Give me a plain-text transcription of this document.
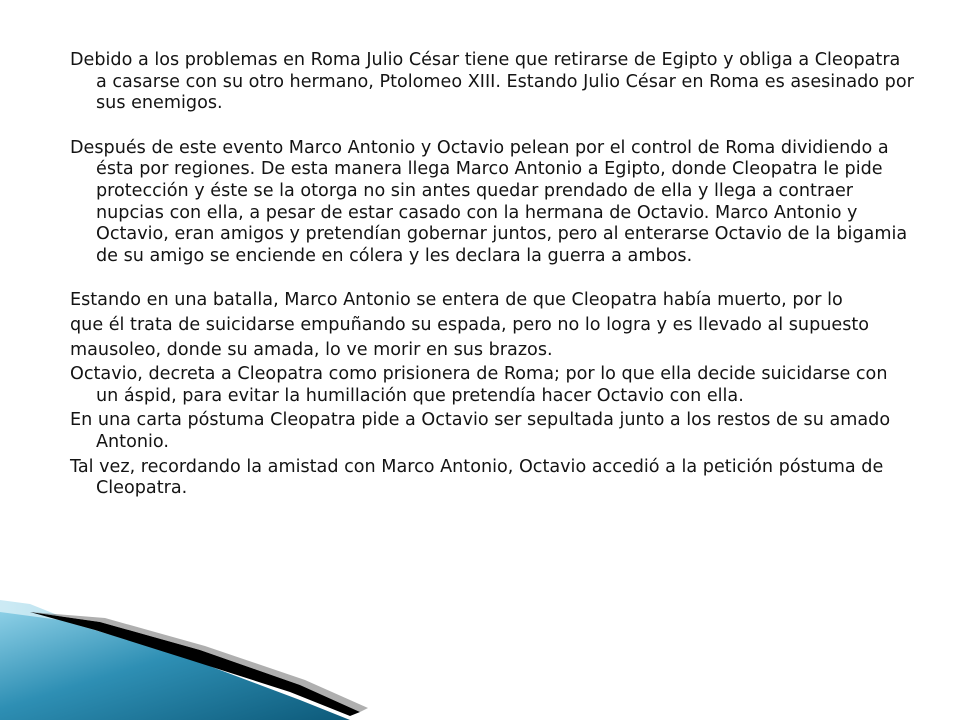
Debido a los problemas en Roma Julio César tiene que retirarse de Egipto y obliga a Cleopatra a casarse con su otro hermano, Ptolomeo XIII. Estando Julio César en Roma es asesinado por sus enemigos.

Después de este evento Marco Antonio y Octavio pelean por el control de Roma dividiendo a ésta por regiones. De esta manera llega Marco Antonio a Egipto, donde Cleopatra le pide protección y éste se la otorga no sin antes quedar prendado de ella y llega a contraer nupcias con ella, a pesar de estar casado con la hermana de Octavio. Marco Antonio y Octavio, eran amigos y pretendían gobernar juntos, pero al enterarse Octavio de la bigamia de su amigo se enciende en cólera y les declara la guerra a ambos.

Estando en una batalla, Marco Antonio se entera de que Cleopatra había muerto, por lo

que él trata de suicidarse empuñando su espada, pero no lo logra y es llevado al supuesto

mausoleo, donde su amada, lo ve morir en sus brazos.

Octavio, decreta a Cleopatra como prisionera de Roma; por lo que ella decide suicidarse con un áspid, para evitar la humillación que pretendía hacer Octavio con ella.

En una carta póstuma Cleopatra pide a Octavio ser sepultada junto a los restos de su amado Antonio.

Tal vez, recordando la amistad con Marco Antonio, Octavio accedió a la petición póstuma de Cleopatra.
